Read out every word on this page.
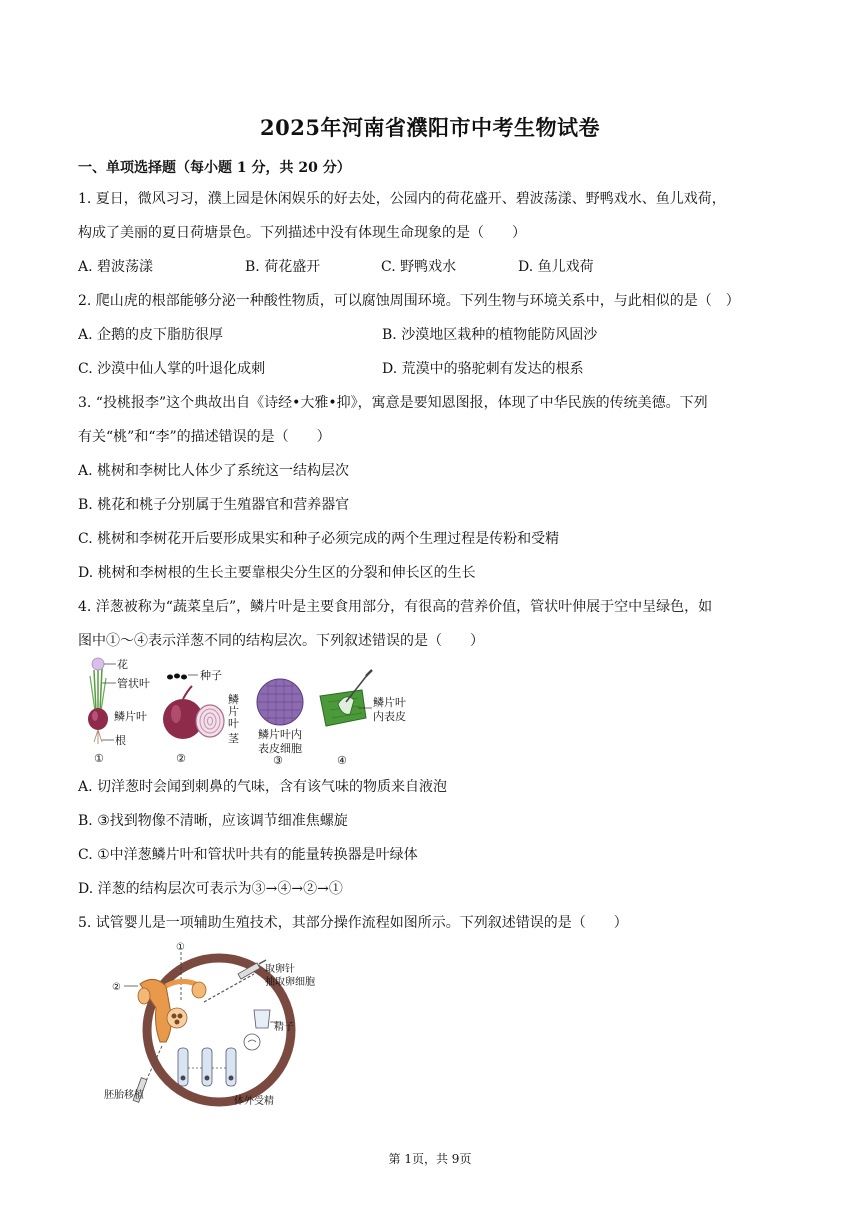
2025年河南省濮阳市中考生物试卷
一、单项选择题（每小题 1 分，共 20 分）
1. 夏日，微风习习，濮上园是休闲娱乐的好去处，公园内的荷花盛开、碧波荡漾、野鸭戏水、鱼儿戏荷，
构成了美丽的夏日荷塘景色。下列描述中没有体现生命现象的是（　　）
A. 碧波荡漾	B. 荷花盛开	C. 野鸭戏水	D. 鱼儿戏荷
2. 爬山虎的根部能够分泌一种酸性物质，可以腐蚀周围环境。下列生物与环境关系中，与此相似的是（　）
A. 企鹅的皮下脂肪很厚	B. 沙漠地区栽种的植物能防风固沙
C. 沙漠中仙人掌的叶退化成刺	D. 荒漠中的骆驼刺有发达的根系
3. “投桃报李”这个典故出自《诗经•大雅•抑》，寓意是要知恩图报，体现了中华民族的传统美德。下列
有关“桃”和“李”的描述错误的是（　　）
A. 桃树和李树比人体少了系统这一结构层次
B. 桃花和桃子分别属于生殖器官和营养器官
C. 桃树和李树花开后要形成果实和种子必须完成的两个生理过程是传粉和受精
D. 桃树和李树根的生长主要靠根尖分生区的分裂和伸长区的生长
4. 洋葱被称为“蔬菜皇后”，鳞片叶是主要食用部分，有很高的营养价值，管状叶伸展于空中呈绿色，如
图中①～④表示洋葱不同的结构层次。下列叙述错误的是（　　）
花
管状叶
鳞片叶
根
①
种子
鳞片叶
茎
②
鳞片叶内
表皮细胞
③
鳞片叶
内表皮
④
A. 切洋葱时会闻到刺鼻的气味，含有该气味的物质来自液泡
B. ③找到物像不清晰，应该调节细准焦螺旋
C. ①中洋葱鳞片叶和管状叶共有的能量转换器是叶绿体
D. 洋葱的结构层次可表示为③→④→②→①
5. 试管婴儿是一项辅助生殖技术，其部分操作流程如图所示。下列叙述错误的是（　　）
①
②
取卵针
抽取卵细胞
精子
体外受精
胚胎移植
第 1页，共 9页
